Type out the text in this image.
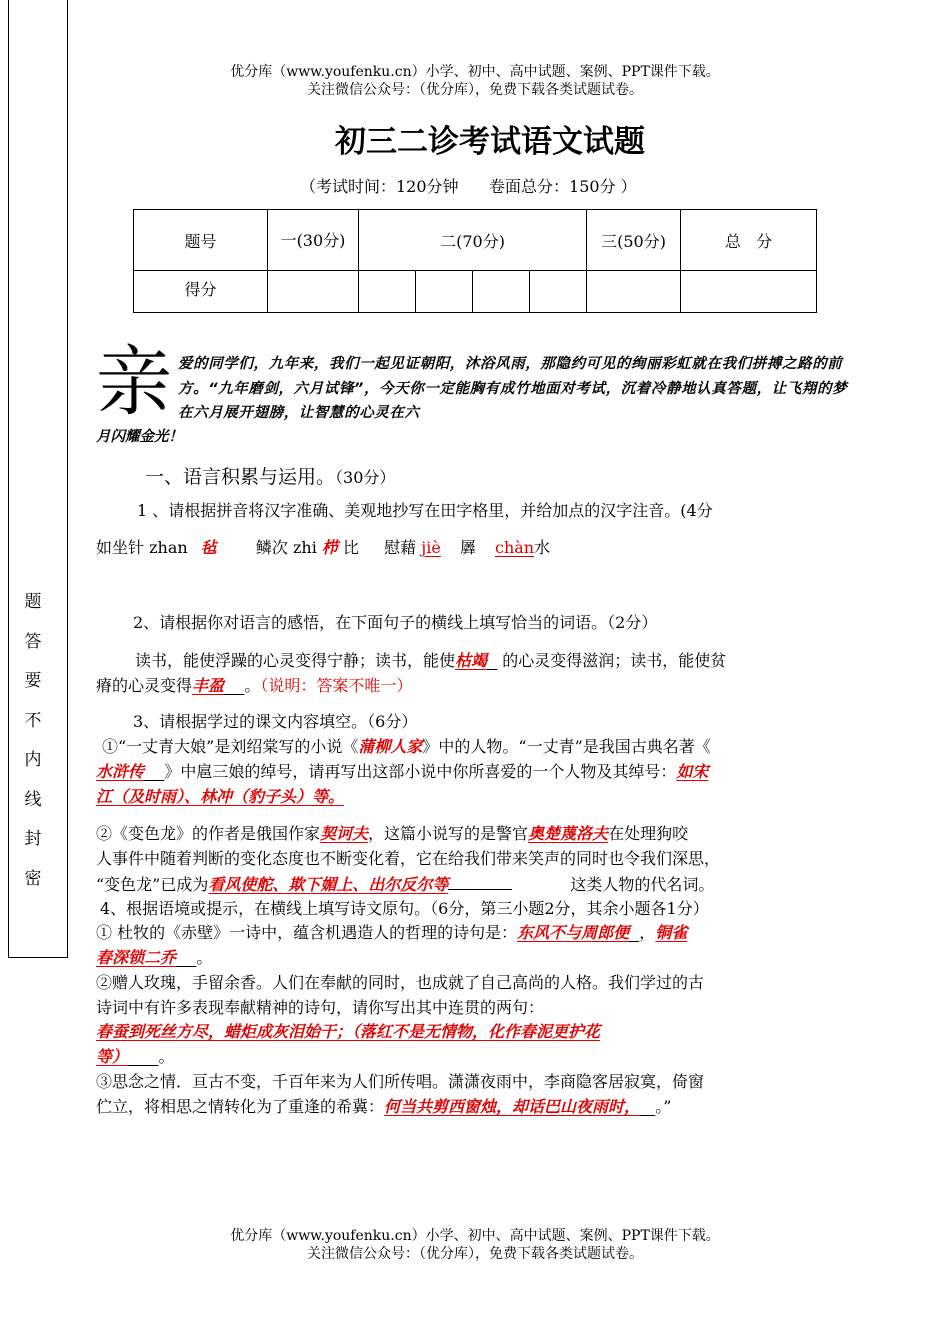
题
答
要
不
内
线
封
密
优分库（www.youfenku.cn）小学、初中、高中试题、案例、PPT课件下载。
关注微信公众号：（优分库），免费下载各类试题试卷。
初三二诊考试语文试题
（考试时间：120分钟      卷面总分：150分 ）
题号	一(30分)	二(70分)				三(50分)	总   分
得分							
亲 爱的同学们，九年来，我们一起见证朝阳，沐浴风雨，那隐约可见的绚丽彩虹就在我们拼搏之路的前方。“九年磨剑，六月试锋”，今天你一定能胸有成竹地面对考试，沉着冷静地认真答题，让飞翔的梦在六月展开翅膀，让智慧的心灵在六
月闪耀金光！
一、语言积累与运用。（30分）
1 、请根据拼音将汉字准确、美观地抄写在田字格里，并给加点的汉字注音。(4分
如坐针 zhan 毡 鳞次 zhi 栉 比 慰藉 jiè 羼 chàn水
2、请根据你对语言的感悟，在下面句子的横线上填写恰当的词语。（2分）
读书，能使浮躁的心灵变得宁静；读书，能使枯竭 的心灵变得滋润；读书，能使贫
瘠的心灵变得丰盈 。（说明：答案不唯一）
3、请根据学过的课文内容填空。（6分）
①“一丈青大娘”是刘绍棠写的小说《蒲柳人家》中的人物。“一丈青”是我国古典名著《
水浒传 》中扈三娘的绰号，请再写出这部小说中你所喜爱的一个人物及其绰号：如宋
江（及时雨）、林冲（豹子头）等。
②《变色龙》的作者是俄国作家契诃夫，这篇小说写的是警官奥楚蔑洛夫在处理狗咬
人事件中随着判断的变化态度也不断变化着，它在给我们带来笑声的同时也令我们深思，
“变色龙”已成为看风使舵、欺下媚上、出尔反尔等	这类人物的代名词。
4、根据语境或提示，在横线上填写诗文原句。（6分，第三小题2分，其余小题各1分）
① 杜牧的《赤壁》一诗中，蕴含机遇造人的哲理的诗句是：东风不与周郎便 ，铜雀
春深锁二乔 。
②赠人玫瑰，手留余香。人们在奉献的同时，也成就了自己高尚的人格。我们学过的古
诗词中有许多表现奉献精神的诗句，请你写出其中连贯的两句：
春蚕到死丝方尽，蜡炬成灰泪始干；（落红不是无情物，化作春泥更护花
等） 。
③思念之情．亘古不变，千百年来为人们所传唱。潇潇夜雨中，李商隐客居寂寞，倚窗
伫立，将相思之情转化为了重逢的希冀：何当共剪西窗烛，却话巴山夜雨时， 。”
优分库（www.youfenku.cn）小学、初中、高中试题、案例、PPT课件下载。
关注微信公众号：（优分库），免费下载各类试题试卷。
